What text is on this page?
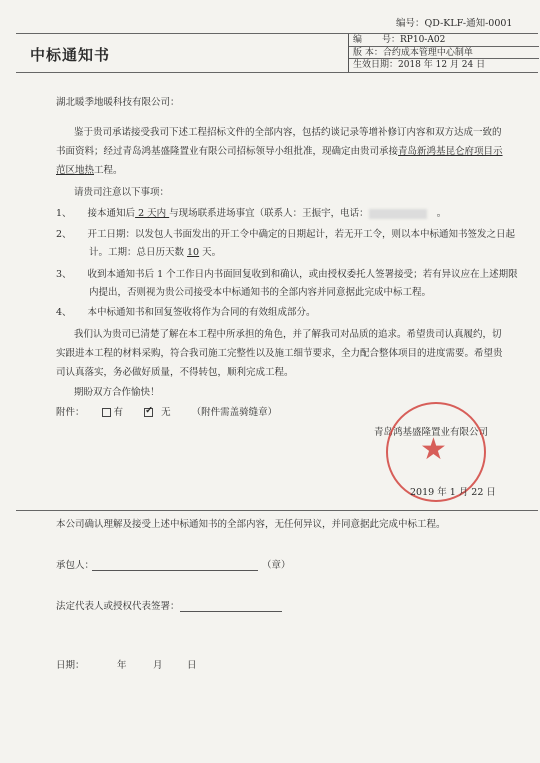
编号：QD-KLF-通知-0001
中标通知书
编 号：RP10-A02
版 本：合约成本管理中心制单
生效日期：2018 年 12 月 24 日
湖北暖季地暖科技有限公司：
鉴于贵司承诺接受我司下述工程招标文件的全部内容，包括约谈记录等增补修订内容和双方达成一致的
书面资料；经过青岛鸿基盛隆置业有限公司招标领导小组批准，现确定由贵司承接青岛新鸿基昆仑府项目示
范区地热工程。
请贵司注意以下事项：
1、 接本通知后 2 天内 与现场联系进场事宜（联系人：王振宇，电话：	。
2、 开工日期：以发包人书面发出的开工令中确定的日期起计，若无开工令，则以本中标通知书签发之日起
计。工期：总日历天数 10 天。
3、 收到本通知书后 1 个工作日内书面回复收到和确认，或由授权委托人签署接受；若有异议应在上述期限
内提出，否则视为贵公司接受本中标通知书的全部内容并同意据此完成中标工程。
4、 本中标通知书和回复签收将作为合同的有效组成部分。
我们认为贵司已清楚了解在本工程中所承担的角色，并了解我司对品质的追求。希望贵司认真履约，切
实跟进本工程的材料采购，符合我司施工完整性以及施工细节要求，全力配合整体项目的进度需要。希望贵
司认真落实，务必做好质量，不得转包，顺利完成工程。
期盼双方合作愉快！
附件：	有 ✓ 无 （附件需盖骑缝章）
青岛鸿基盛隆置业有限公司
★
2019 年 1 月 22 日
本公司确认理解及接受上述中标通知书的全部内容，无任何异议，并同意据此完成中标工程。
承包人：	（章）
法定代表人或授权代表签署：
日期：	年	月	日
